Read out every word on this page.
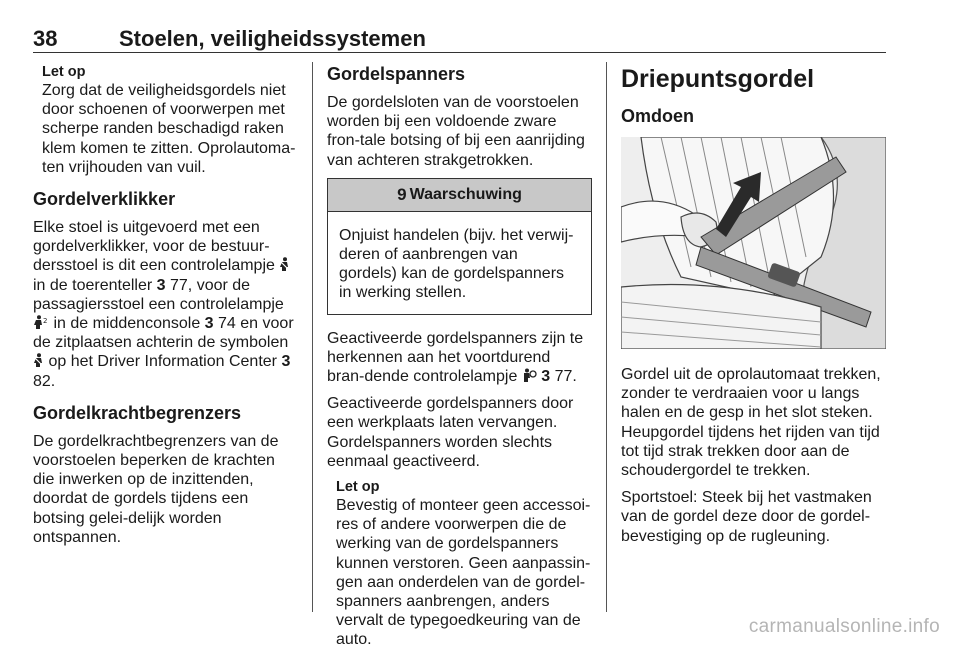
38	Stoelen, veiligheidssystemen
Let op

Zorg dat de veiligheidsgordels niet door schoenen of voorwerpen met scherpe randen beschadigd raken klem komen te zitten. Oprolautoma-ten vrijhouden van vuil.

Gordelverklikker

Elke stoel is uitgevoerd met een gordelverklikker, voor de bestuur-dersstoel is dit een controlelampje  in de toerenteller 3 77, voor de passagiersstoel een controlelampje
2 in de middenconsole 3 74 en voor de zitplaatsen achterin de symbolen  op het Driver Information Center 3 82.

Gordelkrachtbegrenzers

De gordelkrachtbegrenzers van de voorstoelen beperken de krachten die inwerken op de inzittenden, doordat de gordels tijdens een botsing gelei-delijk worden ontspannen.

Gordelspanners

De gordelsloten van de voorstoelen worden bij een voldoende zware fron-tale botsing of bij een aanrijding van achteren strakgetrokken.

9 Waarschuwing
Onjuist handelen (bijv. het verwij-deren of aanbrengen van gordels) kan de gordelspanners in werking stellen.

Geactiveerde gordelspanners zijn te herkennen aan het voortdurend bran-dende controlelampje 3 77.

Geactiveerde gordelspanners door een werkplaats laten vervangen. Gordelspanners worden slechts eenmaal geactiveerd.

Let op

Bevestig of monteer geen accessoi-res of andere voorwerpen die de werking van de gordelspanners kunnen verstoren. Geen aanpassin-gen aan onderdelen van de gordel-spanners aanbrengen, anders vervalt de typegoedkeuring van de auto.

Driepuntsgordel
Omdoen

Gordel uit de oprolautomaat trekken, zonder te verdraaien voor u langs halen en de gesp in het slot steken. Heupgordel tijdens het rijden van tijd tot tijd strak trekken door aan de schoudergordel te trekken.

Sportstoel: Steek bij het vastmaken van de gordel deze door de gordel-bevestiging op de rugleuning.

carmanualsonline.info
